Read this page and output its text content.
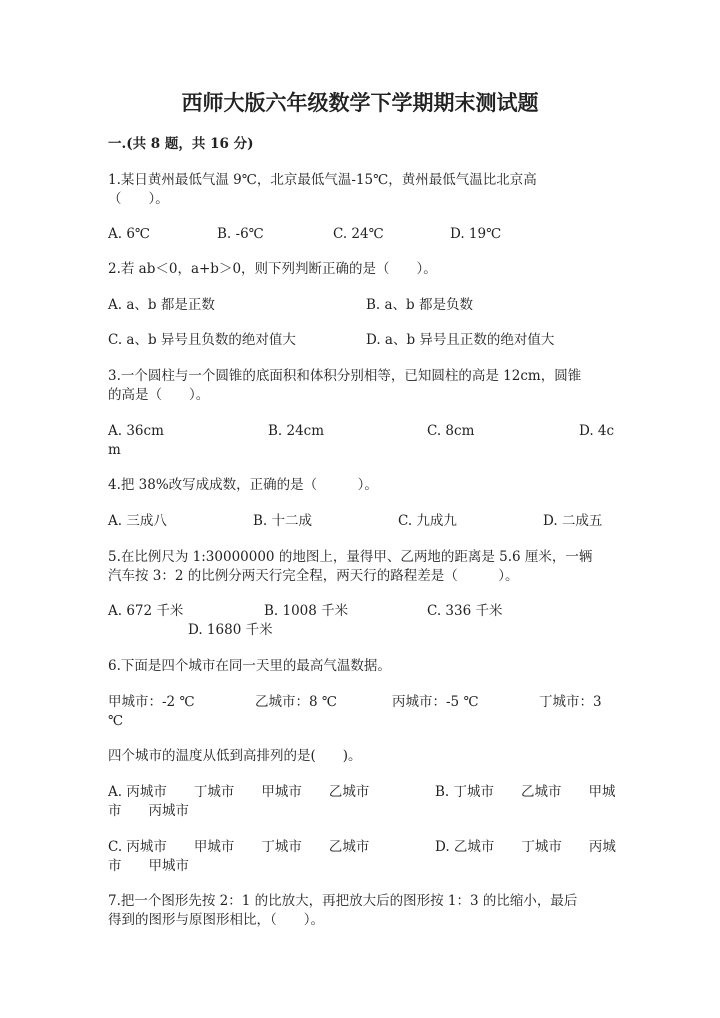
西师大版六年级数学下学期期末测试题
一.(共 8 题，共 16 分)
1.某日黄州最低气温 9℃，北京最低气温-15℃，黄州最低气温比北京高
（　　）。
A. 6℃	B. -6℃	C. 24℃	D. 19℃
2.若 ab＜0，a+b＞0，则下列判断正确的是（　　）。
A. a、b 都是正数	B. a、b 都是负数
C. a、b 异号且负数的绝对值大	D. a、b 异号且正数的绝对值大
3.一个圆柱与一个圆锥的底面积和体积分别相等，已知圆柱的高是 12cm，圆锥
的高是（　　）。
A. 36cm	B. 24cm	C. 8cm	D. 4c
m
4.把 38%改写成成数，正确的是（　　　）。
A. 三成八	B. 十二成	C. 九成九	D. 二成五
5.在比例尺为 1:30000000 的地图上，量得甲、乙两地的距离是 5.6 厘米，一辆
汽车按 3：2 的比例分两天行完全程，两天行的路程差是（　　　）。
A. 672 千米	B. 1008 千米	C. 336 千米
D. 1680 千米
6.下面是四个城市在同一天里的最高气温数据。
甲城市：-2 ℃	乙城市：8 ℃	丙城市：-5 ℃	丁城市：3
℃
四个城市的温度从低到高排列的是(　　)。
A. 丙城市　　丁城市　　甲城市　　乙城市	B. 丁城市　　乙城市　　甲城
市　　丙城市
C. 丙城市　　甲城市　　丁城市　　乙城市	D. 乙城市　　丁城市　　丙城
市　　甲城市
7.把一个图形先按 2：1 的比放大，再把放大后的图形按 1：3 的比缩小，最后
得到的图形与原图形相比，（　　）。
